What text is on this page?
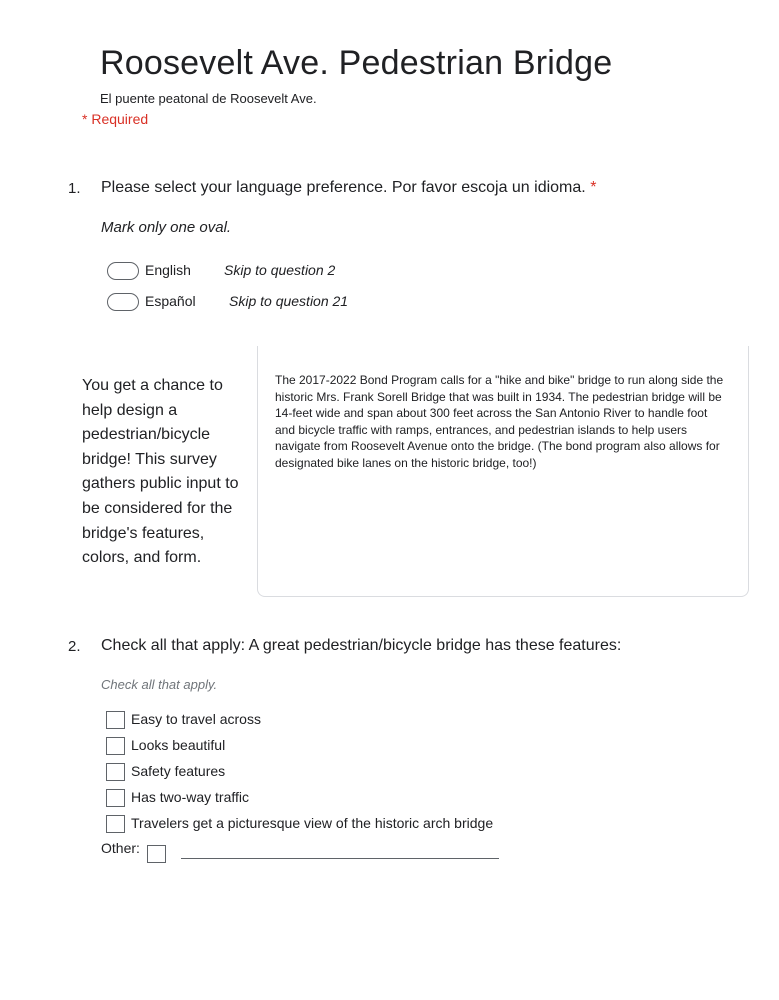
Roosevelt Ave. Pedestrian Bridge
El puente peatonal de Roosevelt Ave.
* Required
1. Please select your language preference. Por favor escoja un idioma. *
Mark only one oval.
English Skip to question 2
Español Skip to question 21
You get a chance to help design a pedestrian/bicycle bridge! This survey gathers public input to be considered for the bridge's features, colors, and form.
The 2017-2022 Bond Program calls for a "hike and bike" bridge to run along side the historic Mrs. Frank Sorell Bridge that was built in 1934. The pedestrian bridge will be 14-feet wide and span about 300 feet across the San Antonio River to handle foot and bicycle traffic with ramps, entrances, and pedestrian islands to help users navigate from Roosevelt Avenue onto the bridge. (The bond program also allows for designated bike lanes on the historic bridge, too!)
2. Check all that apply: A great pedestrian/bicycle bridge has these features:
Check all that apply.
Easy to travel across
Looks beautiful
Safety features
Has two-way traffic
Travelers get a picturesque view of the historic arch bridge
Other:
